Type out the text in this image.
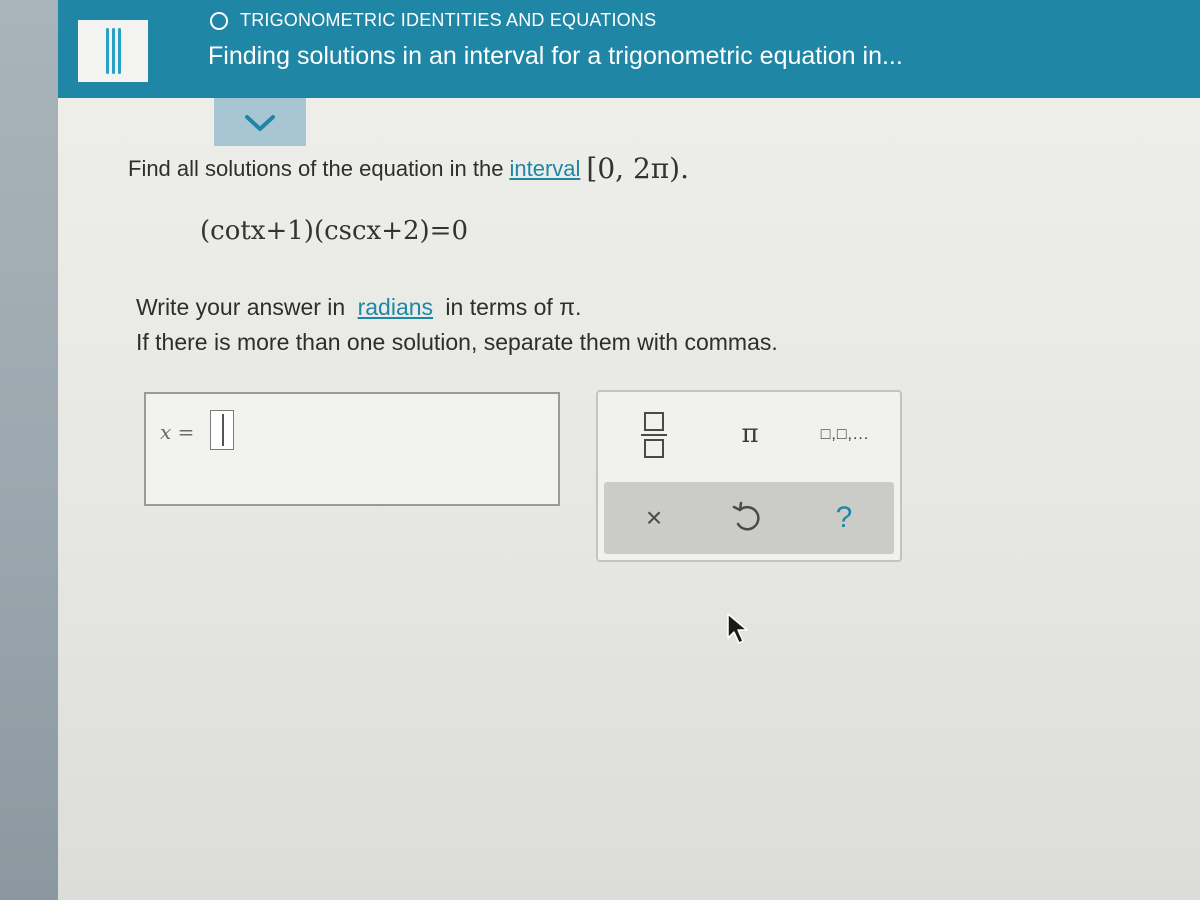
TRIGONOMETRIC IDENTITIES AND EQUATIONS
Finding solutions in an interval for a trigonometric equation in...
Find all solutions of the equation in the interval [0, 2π).
(cotx+1)(cscx+2)=0
Write your answer in radians in terms of π.
If there is more than one solution, separate them with commas.
x =	π	□,□,...
×	?
